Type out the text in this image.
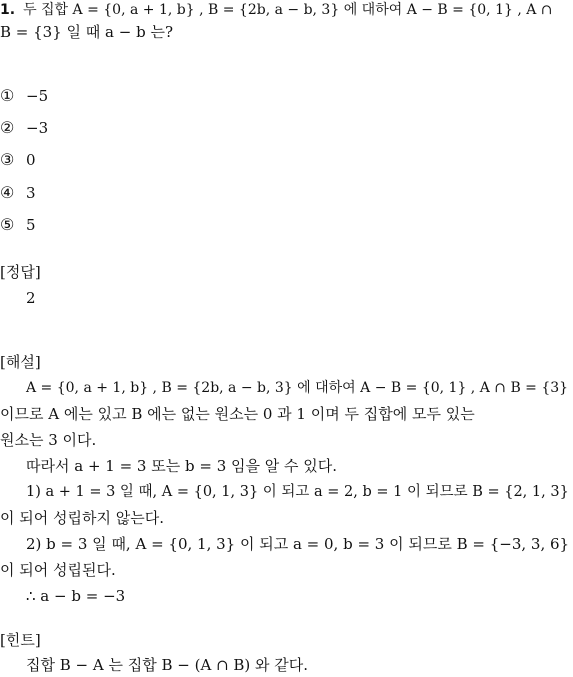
1. 두 집합 A = {0, a + 1, b} , B = {2b, a − b, 3} 에 대하여 A − B = {0, 1} , A ∩
B = {3} 일 때 a − b 는?
① −5
② −3
③ 0
④ 3
⑤ 5
[정답]
2
[해설]
A = {0, a + 1, b} , B = {2b, a − b, 3} 에 대하여 A − B = {0, 1} , A ∩ B = {3}
이므로 A 에는 있고 B 에는 없는 원소는 0 과 1 이며 두 집합에 모두 있는
원소는 3 이다.
따라서 a + 1 = 3 또는 b = 3 임을 알 수 있다.
1) a + 1 = 3 일 때, A = {0, 1, 3} 이 되고 a = 2, b = 1 이 되므로 B = {2, 1, 3}
이 되어 성립하지 않는다.
2) b = 3 일 때, A = {0, 1, 3} 이 되고 a = 0, b = 3 이 되므로 B = {−3, 3, 6}
이 되어 성립된다.
∴ a − b = −3
[힌트]
집합 B − A 는 집합 B − (A ∩ B) 와 같다.
